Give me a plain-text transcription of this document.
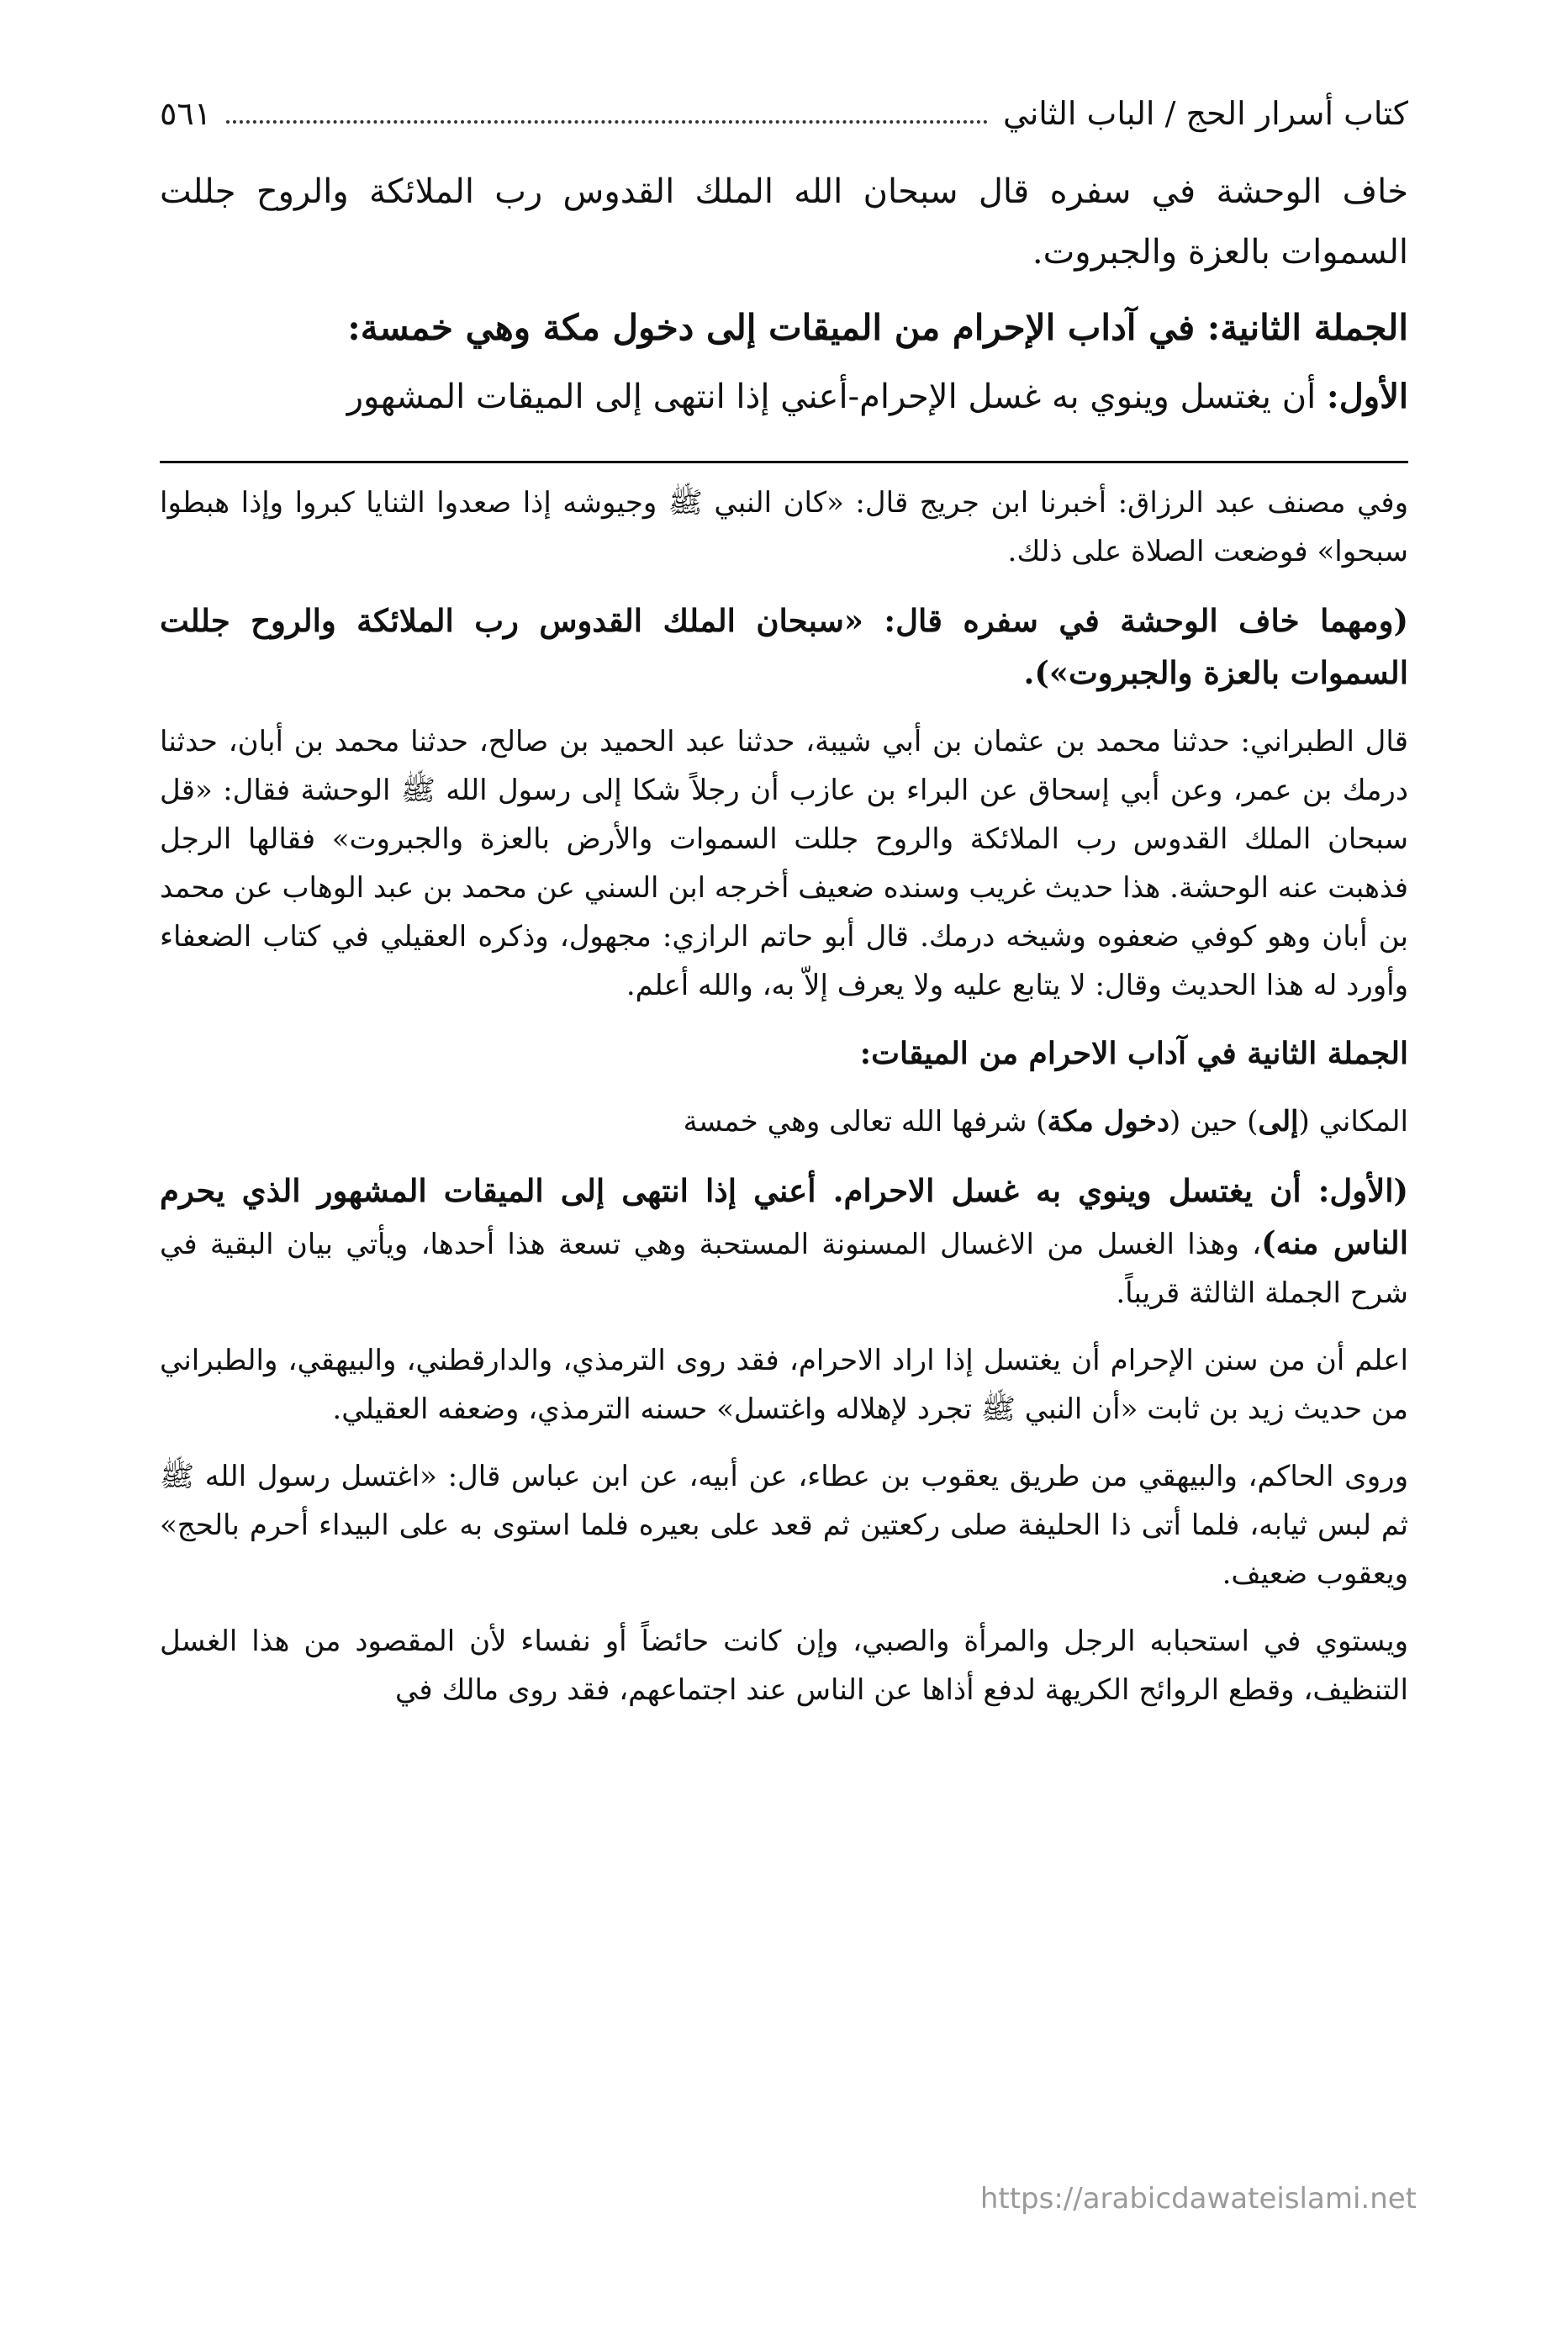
كتاب أسرار الحج / الباب الثاني
٥٦١

خاف الوحشة في سفره قال سبحان الله الملك القدوس رب الملائكة والروح جللت السموات بالعزة والجبروت.

الجملة الثانية: في آداب الإحرام من الميقات إلى دخول مكة وهي خمسة:

الأول: أن يغتسل وينوي به غسل الإحرام-أعني إذا انتهى إلى الميقات المشهور

وفي مصنف عبد الرزاق: أخبرنا ابن جريج قال: «كان النبي ﷺ وجيوشه إذا صعدوا الثنايا كبروا وإذا هبطوا سبحوا» فوضعت الصلاة على ذلك.

(ومهما خاف الوحشة في سفره قال: «سبحان الملك القدوس رب الملائكة والروح جللت السموات بالعزة والجبروت»).

قال الطبراني: حدثنا محمد بن عثمان بن أبي شيبة، حدثنا عبد الحميد بن صالح، حدثنا محمد بن أبان، حدثنا درمك بن عمر، وعن أبي إسحاق عن البراء بن عازب أن رجلاً شكا إلى رسول الله ﷺ الوحشة فقال: «قل سبحان الملك القدوس رب الملائكة والروح جللت السموات والأرض بالعزة والجبروت» فقالها الرجل فذهبت عنه الوحشة. هذا حديث غريب وسنده ضعيف أخرجه ابن السني عن محمد بن عبد الوهاب عن محمد بن أبان وهو كوفي ضعفوه وشيخه درمك. قال أبو حاتم الرازي: مجهول، وذكره العقيلي في كتاب الضعفاء وأورد له هذا الحديث وقال: لا يتابع عليه ولا يعرف إلاّ به، والله أعلم.

الجملة الثانية في آداب الاحرام من الميقات:

المكاني (إلى) حين (دخول مكة) شرفها الله تعالى وهي خمسة

(الأول: أن يغتسل وينوي به غسل الاحرام. أعني إذا انتهى إلى الميقات المشهور الذي يحرم الناس منه)، وهذا الغسل من الاغسال المسنونة المستحبة وهي تسعة هذا أحدها، ويأتي بيان البقية في شرح الجملة الثالثة قريباً.

اعلم أن من سنن الإحرام أن يغتسل إذا اراد الاحرام، فقد روى الترمذي، والدارقطني، والبيهقي، والطبراني من حديث زيد بن ثابت «أن النبي ﷺ تجرد لإهلاله واغتسل» حسنه الترمذي، وضعفه العقيلي.

وروى الحاكم، والبيهقي من طريق يعقوب بن عطاء، عن أبيه، عن ابن عباس قال: «اغتسل رسول الله ﷺ ثم لبس ثيابه، فلما أتى ذا الحليفة صلى ركعتين ثم قعد على بعيره فلما استوى به على البيداء أحرم بالحج» ويعقوب ضعيف.

ويستوي في استحبابه الرجل والمرأة والصبي، وإن كانت حائضاً أو نفساء لأن المقصود من هذا الغسل التنظيف، وقطع الروائح الكريهة لدفع أذاها عن الناس عند اجتماعهم، فقد روى مالك في

https://arabicdawateislami.net
